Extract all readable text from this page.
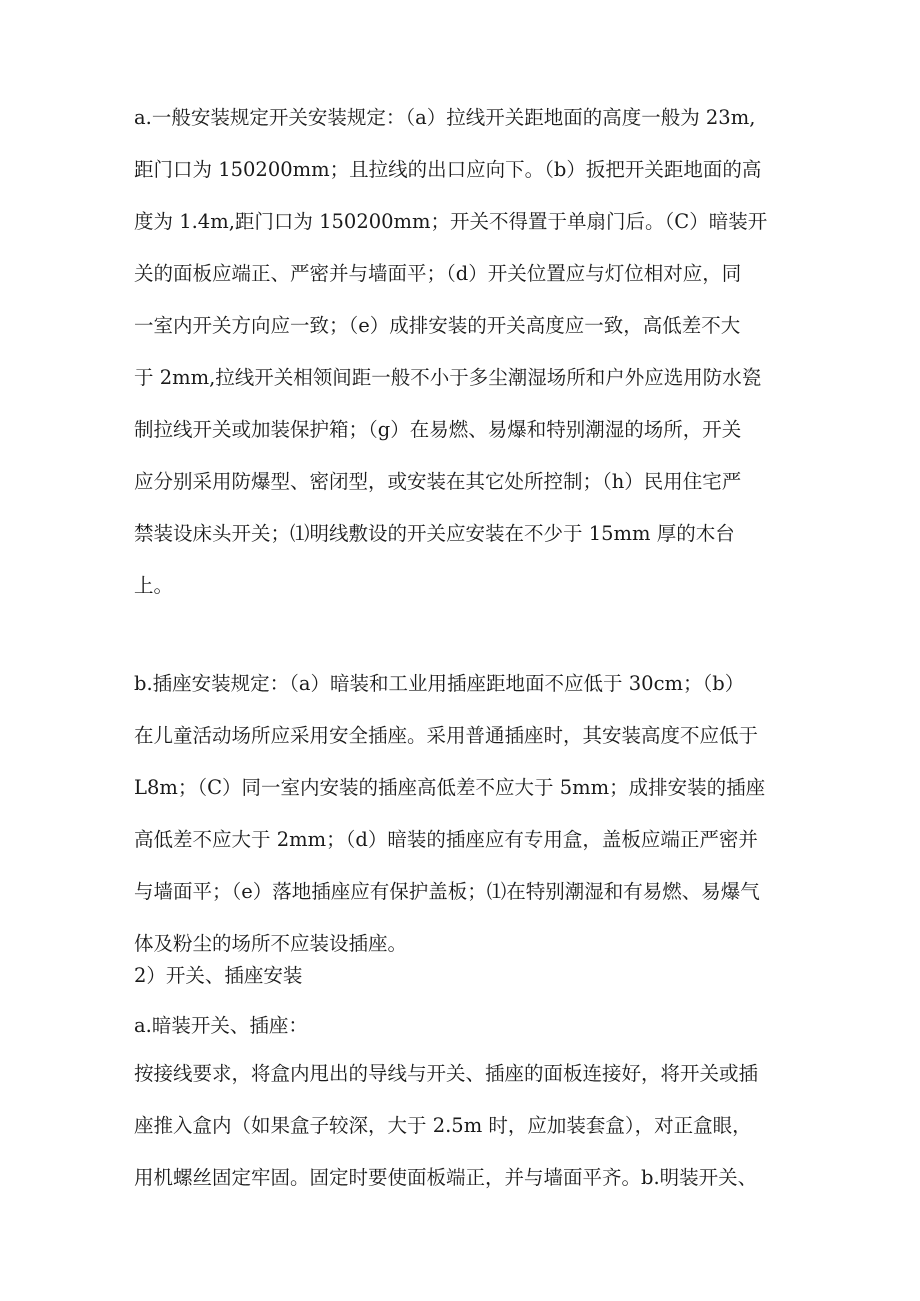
a.一般安装规定开关安装规定：（a）拉线开关距地面的高度一般为 23m,
距门口为 150200mm；且拉线的出口应向下。（b）扳把开关距地面的高
度为 1.4m,距门口为 150200mm；开关不得置于单扇门后。（C）暗装开
关的面板应端正、严密并与墙面平；（d）开关位置应与灯位相对应，同
一室内开关方向应一致；（e）成排安装的开关高度应一致，高低差不大
于 2mm,拉线开关相领间距一般不小于多尘潮湿场所和户外应选用防水瓷
制拉线开关或加装保护箱；（g）在易燃、易爆和特别潮湿的场所，开关
应分别采用防爆型、密闭型，或安装在其它处所控制；（h）民用住宅严
禁装设床头开关；⑴明线敷设的开关应安装在不少于 15mm 厚的木台
上。
b.插座安装规定：（a）暗装和工业用插座距地面不应低于 30cm；（b）
在儿童活动场所应采用安全插座。采用普通插座时，其安装高度不应低于
L8m；（C）同一室内安装的插座高低差不应大于 5mm；成排安装的插座
高低差不应大于 2mm；（d）暗装的插座应有专用盒，盖板应端正严密并
与墙面平；（e）落地插座应有保护盖板；⑴在特别潮湿和有易燃、易爆气
体及粉尘的场所不应装设插座。
2）开关、插座安装
a.暗装开关、插座：
按接线要求，将盒内甩出的导线与开关、插座的面板连接好，将开关或插
座推入盒内（如果盒子较深，大于 2.5m 时，应加装套盒），对正盒眼，
用机螺丝固定牢固。固定时要使面板端正，并与墙面平齐。b.明装开关、
